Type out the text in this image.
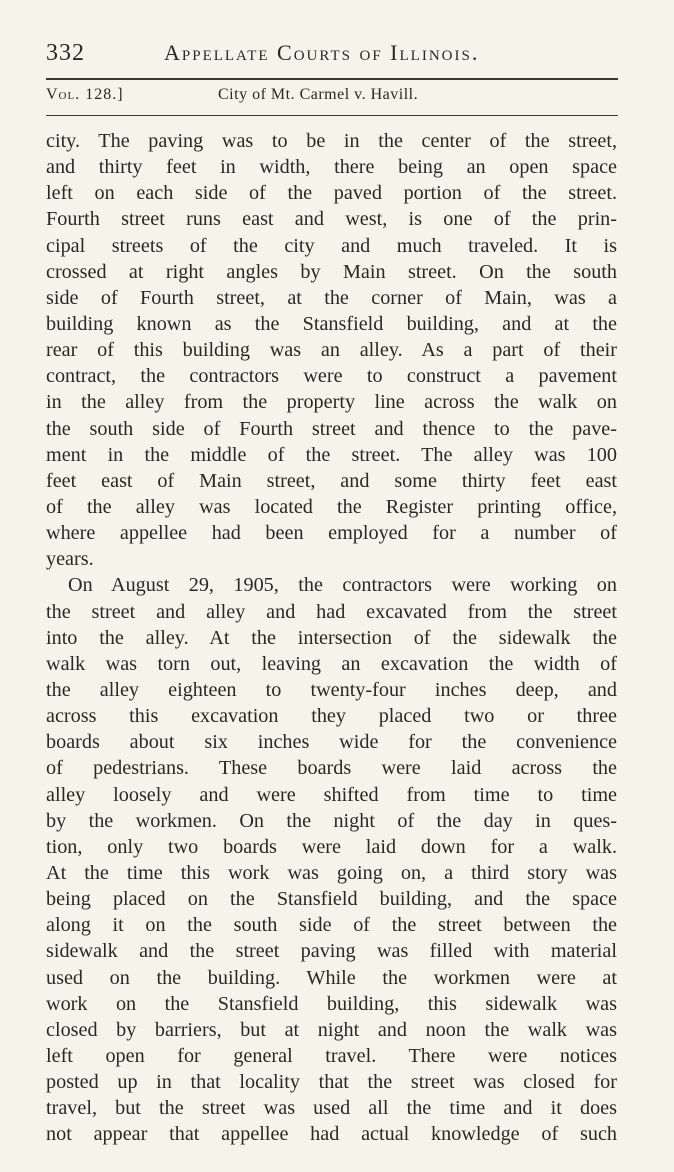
332	Appellate Courts of Illinois.
Vol. 128.]	City of Mt. Carmel v. Havill.
city. The paving was to be in the center of the street,
and thirty feet in width, there being an open space
left on each side of the paved portion of the street.
Fourth street runs east and west, is one of the prin-
cipal streets of the city and much traveled. It is
crossed at right angles by Main street. On the south
side of Fourth street, at the corner of Main, was a
building known as the Stansfield building, and at the
rear of this building was an alley. As a part of their
contract, the contractors were to construct a pavement
in the alley from the property line across the walk on
the south side of Fourth street and thence to the pave-
ment in the middle of the street. The alley was 100
feet east of Main street, and some thirty feet east
of the alley was located the Register printing office,
where appellee had been employed for a number of
years.
On August 29, 1905, the contractors were working on
the street and alley and had excavated from the street
into the alley. At the intersection of the sidewalk the
walk was torn out, leaving an excavation the width of
the alley eighteen to twenty-four inches deep, and
across this excavation they placed two or three
boards about six inches wide for the convenience
of pedestrians. These boards were laid across the
alley loosely and were shifted from time to time
by the workmen. On the night of the day in ques-
tion, only two boards were laid down for a walk.
At the time this work was going on, a third story was
being placed on the Stansfield building, and the space
along it on the south side of the street between the
sidewalk and the street paving was filled with material
used on the building. While the workmen were at
work on the Stansfield building, this sidewalk was
closed by barriers, but at night and noon the walk was
left open for general travel. There were notices
posted up in that locality that the street was closed for
travel, but the street was used all the time and it does
not appear that appellee had actual knowledge of such
